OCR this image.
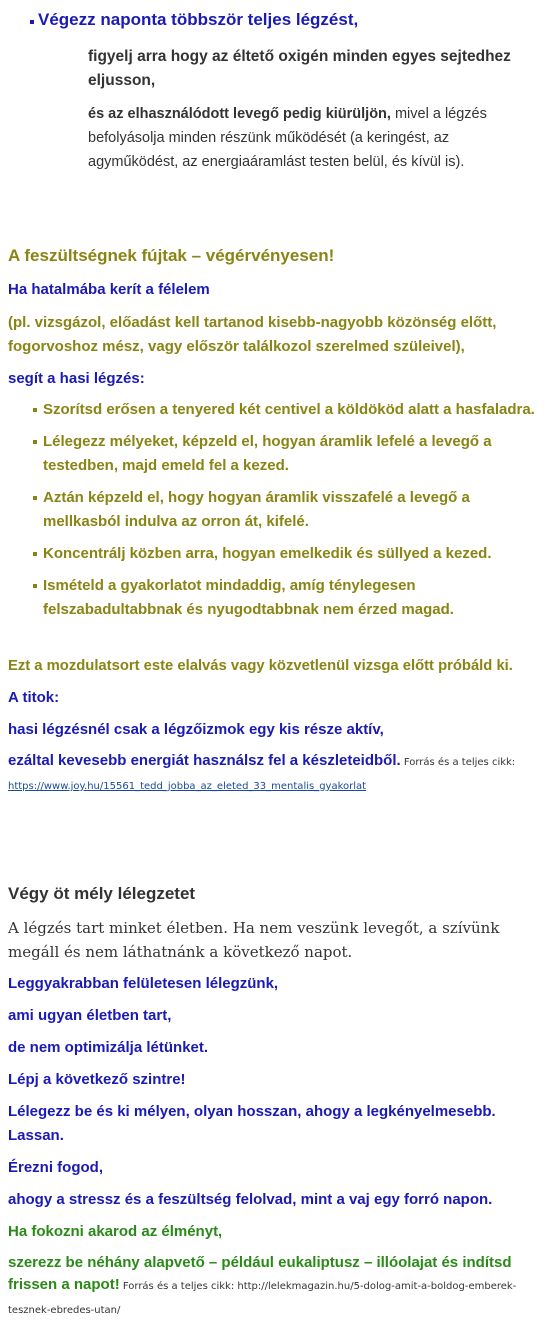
Végezz naponta többször teljes légzést,

figyelj arra hogy az éltető oxigén minden egyes sejtedhez eljusson,

és az elhasználódott levegő pedig kiürüljön, mivel a légzés befolyásolja minden részünk működését (a keringést, az agyműködést, az energiaáramlást testen belül, és kívül is).

A feszültségnek fújtak – végérvényesen!

Ha hatalmába kerít a félelem

(pl. vizsgázol, előadást kell tartanod kisebb-nagyobb közönség előtt, fogorvoshoz mész, vagy először találkozol szerelmed szüleivel),

segít a hasi légzés:

Szorítsd erősen a tenyered két centivel a köldököd alatt a hasfaladra.
Lélegezz mélyeket, képzeld el, hogyan áramlik lefelé a levegő a testedben, majd emeld fel a kezed.
Aztán képzeld el, hogy hogyan áramlik visszafelé a levegő a mellkasból indulva az orron át, kifelé.
Koncentrálj közben arra, hogyan emelkedik és süllyed a kezed.
Ismételd a gyakorlatot mindaddig, amíg ténylegesen felszabadultabbnak és nyugodtabbnak nem érzed magad.

Ezt a mozdulatsort este elalvás vagy közvetlenül vizsga előtt próbáld ki.

A titok:

hasi légzésnél csak a légzőizmok egy kis része aktív,

ezáltal kevesebb energiát használsz fel a készleteidből. Forrás és a teljes cikk:
https://www.joy.hu/15561_tedd_jobba_az_eleted_33_mentalis_gyakorlat

Végy öt mély lélegzetet

A légzés tart minket életben. Ha nem veszünk levegőt, a szívünk megáll és nem láthatnánk a következő napot.

Leggyakrabban felületesen lélegzünk,

ami ugyan életben tart,

de nem optimizálja létünket.

Lépj a következő szintre!

Lélegezz be és ki mélyen, olyan hosszan, ahogy a legkényelmesebb. Lassan.

Érezni fogod,

ahogy a stressz és a feszültség felolvad, mint a vaj egy forró napon.

Ha fokozni akarod az élményt,

szerezz be néhány alapvető – például eukaliptusz – illóolajat és indítsd frissen a napot! Forrás és a teljes cikk: http://lelekmagazin.hu/5-dolog-amit-a-boldog-emberek-tesznek-ebredes-utan/
